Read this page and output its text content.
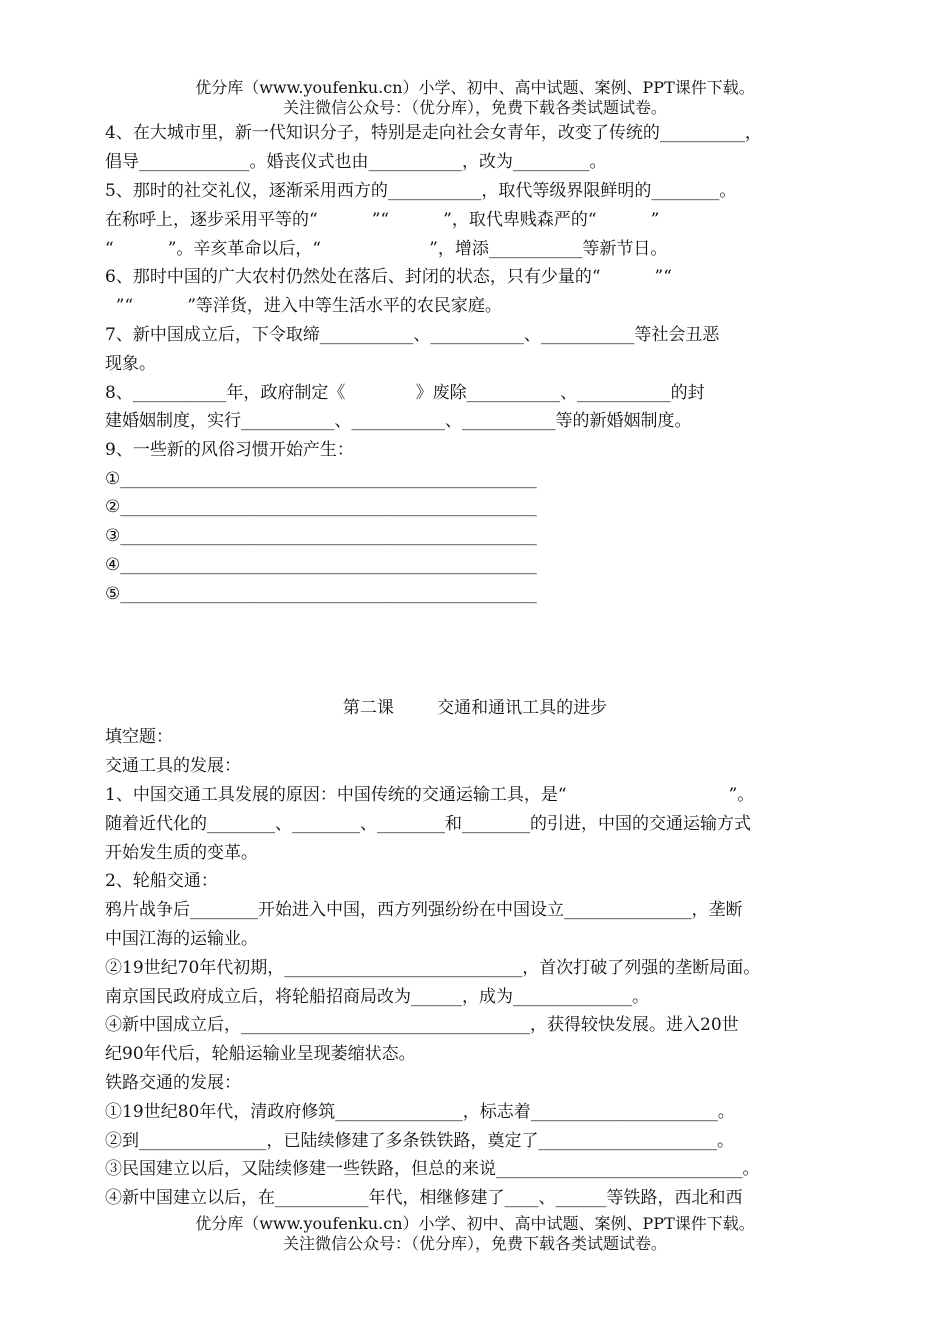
优分库（www.youfenku.cn）小学、初中、高中试题、案例、PPT课件下载。
关注微信公众号：（优分库），免费下载各类试题试卷。
4、在大城市里，新一代知识分子，特别是走向社会女青年，改变了传统的__________，
倡导_____________。婚丧仪式也由___________，改为_________。
5、那时的社交礼仪，逐渐采用西方的___________，取代等级界限鲜明的________。
在称呼上，逐步采用平等的“          ”“          ”，取代卑贱森严的“          ”
“          ”。辛亥革命以后，“                    ”，增添___________等新节日。
6、那时中国的广大农村仍然处在落后、封闭的状态，只有少量的“          ”“
”“          ”等洋货，进入中等生活水平的农民家庭。
7、新中国成立后，下令取缔___________、___________、___________等社会丑恶
现象。
8、___________年，政府制定《             》废除___________、___________的封
建婚姻制度，实行___________、___________、___________等的新婚姻制度。
9、一些新的风俗习惯开始产生：
①_________________________________________________
②_________________________________________________
③_________________________________________________
④_________________________________________________
⑤_________________________________________________
第二课        交通和通讯工具的进步
填空题：
交通工具的发展：
1、中国交通工具发展的原因：中国传统的交通运输工具，是“                              ”。
随着近代化的________、________、________和________的引进，中国的交通运输方式
开始发生质的变革。
2、轮船交通：
鸦片战争后________开始进入中国，西方列强纷纷在中国设立_______________，垄断
中国江海的运输业。
②19世纪70年代初期，____________________________，首次打破了列强的垄断局面。
南京国民政府成立后，将轮船招商局改为______，成为______________。
④新中国成立后，__________________________________，获得较快发展。进入20世
纪90年代后，轮船运输业呈现萎缩状态。
铁路交通的发展：
①19世纪80年代，清政府修筑_______________，标志着______________________。
②到_______________，已陆续修建了多条铁铁路，奠定了_____________________。
③民国建立以后，又陆续修建一些铁路，但总的来说_____________________________。
④新中国建立以后，在___________年代，相继修建了____、______等铁路，西北和西
优分库（www.youfenku.cn）小学、初中、高中试题、案例、PPT课件下载。
关注微信公众号：（优分库），免费下载各类试题试卷。
